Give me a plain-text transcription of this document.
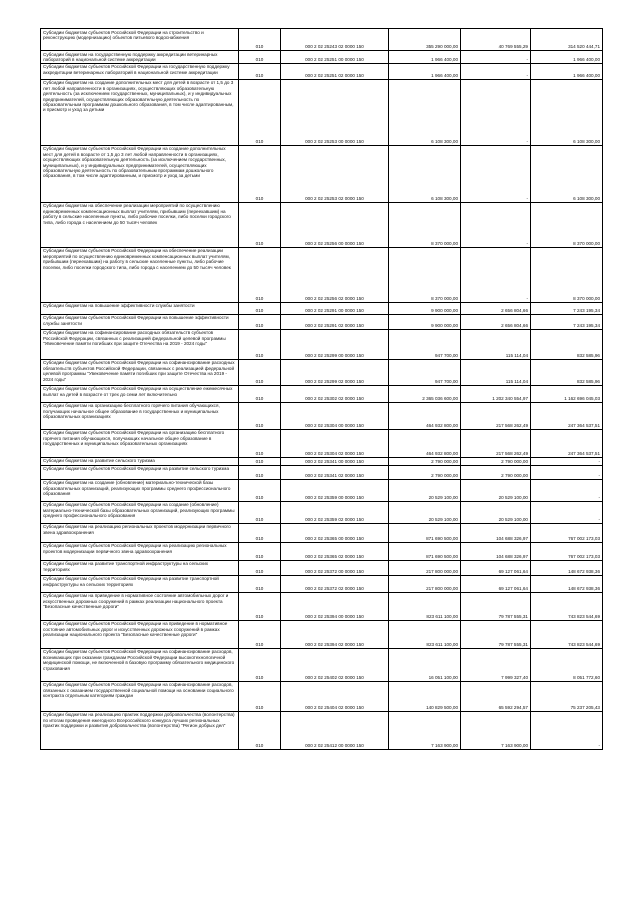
Субсидии бюджетам субъектов Российской Федерации на строительство и реконструкцию (модернизацию) объектов питьевого водоснабжения	010	000 2 02 25243 02 0000 150	355 290 000,00	40 769 555,29	314 520 444,71
Субсидии бюджетам на государственную поддержку аккредитации ветеринарных лабораторий в национальной системе аккредитации	010	000 2 02 25251 00 0000 150	1 966 400,00	-	1 966 400,00
Субсидии бюджетам субъектов Российской Федерации на государственную поддержку аккредитации ветеринарных лабораторий в национальной системе аккредитации	010	000 2 02 25251 02 0000 150	1 966 400,00	-	1 966 400,00
Субсидии бюджетам на создание дополнительных мест для детей в возрасте от 1,5 до 3 лет любой направленности в организациях, осуществляющих образовательную деятельность (за исключением государственных, муниципальных), и у индивидуальных предпринимателей, осуществляющих образовательную деятельность по образовательным программам дошкольного образования, в том числе адаптированным, и присмотр и уход за детьми	010	000 2 02 25253 00 0000 150	6 108 300,00	-	6 108 300,00
Субсидии бюджетам субъектов Российской Федерации на создание дополнительных мест для детей в возрасте от 1,5 до 3 лет любой направленности в организациях, осуществляющих образовательную деятельность (за исключением государственных, муниципальных), и у индивидуальных предпринимателей, осуществляющих образовательную деятельность по образовательным программам дошкольного образования, в том числе адаптированным, и присмотр и уход за детьми	010	000 2 02 25253 02 0000 150	6 108 300,00	-	6 108 300,00
Субсидии бюджетам на обеспечение реализации мероприятий по осуществлению единовременных компенсационных выплат учителям, прибывшим (переехавшим) на работу в сельские населенные пункты, либо рабочие поселки, либо поселки городского типа, либо города с населением до 50 тысяч человек	010	000 2 02 25256 00 0000 150	8 370 000,00	-	8 370 000,00
Субсидии бюджетам субъектов Российской Федерации на обеспечение реализации мероприятий по осуществлению единовременных компенсационных выплат учителям, прибывшим (переехавшим) на работу в сельские населенные пункты, либо рабочие поселки, либо поселки городского типа, либо города с населением до 50 тысяч человек	010	000 2 02 25256 02 0000 150	8 370 000,00	-	8 370 000,00
Субсидии бюджетам на повышение эффективности службы занятости	010	000 2 02 25291 00 0000 150	9 900 000,00	2 656 804,66	7 243 195,34
Субсидии бюджетам субъектов Российской Федерации на повышение эффективности службы занятости	010	000 2 02 25291 02 0000 150	9 900 000,00	2 656 804,66	7 243 195,34
Субсидии бюджетам на софинансирование расходных обязательств субъектов Российской Федерации, связанных с реализацией федеральной целевой программы "Увековечение памяти погибших при защите Отечества на 2019 - 2024 годы"	010	000 2 02 25299 00 0000 150	947 700,00	115 114,04	832 585,96
Субсидии бюджетам субъектов Российской Федерации на софинансирование расходных обязательств субъектов Российской Федерации, связанных с реализацией федеральной целевой программы "Увековечение памяти погибших при защите Отечества на 2019 - 2024 годы"	010	000 2 02 25299 02 0000 150	947 700,00	115 114,04	832 585,96
Субсидии бюджетам субъектов Российской Федерации на осуществление ежемесячных выплат на детей в возрасте от трех до семи лет включительно	010	000 2 02 25302 02 0000 150	2 365 036 600,00	1 202 340 554,97	1 162 696 045,03
Субсидии бюджетам на организацию бесплатного горячего питания обучающихся, получающих начальное общее образование в государственных и муниципальных образовательных организациях	010	000 2 02 25304 00 0000 150	464 932 800,00	217 568 262,49	247 364 537,51
Субсидии бюджетам субъектов Российской Федерации на организацию бесплатного горячего питания обучающихся, получающих начальное общее образование в государственных и муниципальных образовательных организациях	010	000 2 02 25304 02 0000 150	464 932 800,00	217 568 262,49	247 364 537,51
Субсидии бюджетам на развитие сельского туризма	010	000 2 02 25341 00 0000 150	2 790 000,00	2 790 000,00	-
Субсидии бюджетам субъектов Российской Федерации на развитие сельского туризма	010	000 2 02 25341 02 0000 150	2 790 000,00	2 790 000,00	-
Субсидии бюджетам на создание (обновление) материально-технической базы образовательных организаций, реализующих программы среднего профессионального образования	010	000 2 02 25359 00 0000 150	20 529 100,00	20 529 100,00	-
Субсидии бюджетам субъектов Российской Федерации на создание (обновление) материально-технической базы образовательных организаций, реализующих программы среднего профессионального образования	010	000 2 02 25359 02 0000 150	20 529 100,00	20 529 100,00	-
Субсидии бюджетам на реализацию региональных проектов модернизации первичного звена здравоохранения	010	000 2 02 25365 00 0000 150	871 690 500,00	104 688 326,97	767 002 173,03
Субсидии бюджетам субъектов Российской Федерации на реализацию региональных проектов модернизации первичного звена здравоохранения	010	000 2 02 25365 02 0000 150	871 690 500,00	104 688 326,97	767 002 173,03
Субсидии бюджетам на развитие транспортной инфраструктуры на сельских территориях	010	000 2 02 25372 00 0000 150	217 800 000,00	69 127 061,64	148 672 938,36
Субсидии бюджетам субъектов Российской Федерации на развитие транспортной инфраструктуры на сельских территориях	010	000 2 02 25372 02 0000 150	217 800 000,00	69 127 061,64	148 672 938,36
Субсидии бюджетам на приведение в нормативное состояние автомобильных дорог и искусственных дорожных сооружений в рамках реализации национального проекта "Безопасные качественные дороги"	010	000 2 02 25394 00 0000 150	823 611 100,00	79 787 555,31	743 823 544,69
Субсидии бюджетам субъектов Российской Федерации на приведение в нормативное состояние автомобильных дорог и искусственных дорожных сооружений в рамках реализации национального проекта "Безопасные качественные дороги"	010	000 2 02 25394 02 0000 150	823 611 100,00	79 787 555,31	743 823 544,69
Субсидии бюджетам субъектов Российской Федерации на софинансирование расходов, возникающих при оказании гражданам Российской Федерации высокотехнологичной медицинской помощи, не включенной в базовую программу обязательного медицинского страхования	010	000 2 02 25402 02 0000 150	16 051 100,00	7 999 327,40	8 051 772,60
Субсидии бюджетам субъектов Российской Федерации на софинансирование расходов, связанных с оказанием государственной социальной помощи на основании социального контракта отдельным категориям граждан	010	000 2 02 25404 02 0000 150	140 829 500,00	65 592 294,57	75 237 205,43
Субсидии бюджетам на реализацию практик поддержки добровольчества (волонтерства) по итогам проведения ежегодного Всероссийского конкурса лучших региональных практик поддержки и развития добровольчества (волонтерства) "Регион добрых дел"	010	000 2 02 25412 00 0000 150	7 163 900,00	7 163 900,00	-
